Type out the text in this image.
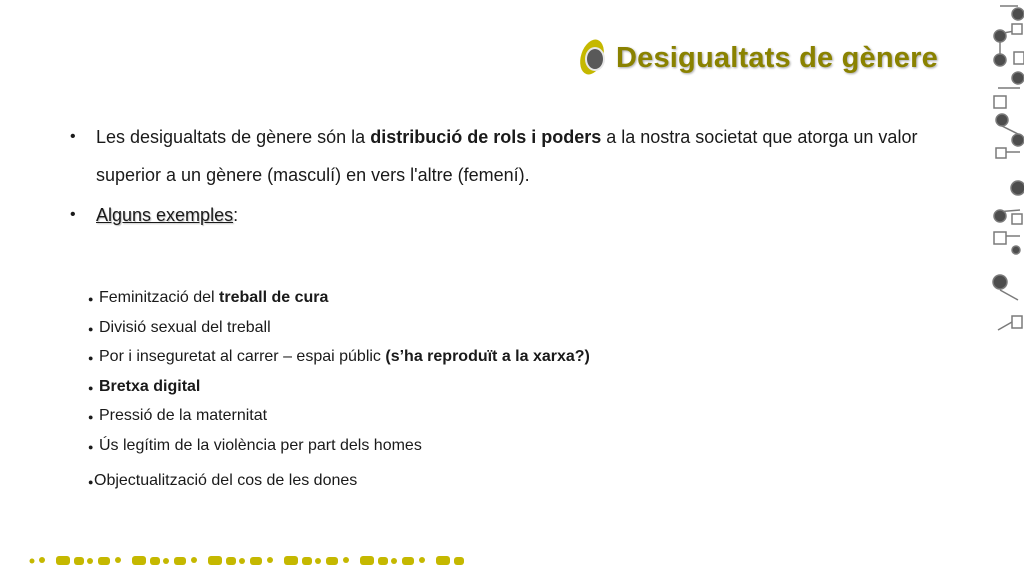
Desigualtats de gènere
• Les desigualtats de gènere són la distribució de rols i poders a la nostra societat que atorga un valor superior a un gènere (masculí) en vers l'altre (femení).
• Alguns exemples:
● Feminització del treball de cura
● Divisió sexual del treball
● Por i inseguretat al carrer – espai públic (s’ha reproduït a la xarxa?)
● Bretxa digital
● Pressió de la maternitat
● Ús legítim de la violència per part dels homes
● Objectualització del cos de les dones
